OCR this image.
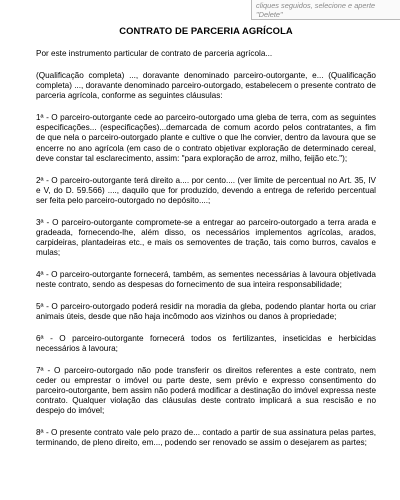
CONTRATO DE PARCERIA AGRÍCOLA

Por este instrumento particular de contrato de parceria agrícola...

(Qualificação completa) ..., doravante denominado parceiro-outorgante, e... (Qualificação completa) ..., doravante denominado parceiro-outorgado, estabelecem o presente contrato de parceria agrícola, conforme as seguintes cláusulas:

1ª - O parceiro-outorgante cede ao parceiro-outorgado uma gleba de terra, com as seguintes especificações... (especificações)...demarcada de comum acordo pelos contratantes, a fim de que nela o parceiro-outorgado plante e cultive o que lhe convier, dentro da lavoura que se encerre no ano agrícola (em caso de o contrato objetivar exploração de determinado cereal, deve constar tal esclarecimento, assim: "para exploração de arroz, milho, feijão etc.");

2ª - O parceiro-outorgante terá direito a.... por cento.... (ver limite de percentual no Art. 35, IV e V, do D. 59.566) ...., daquilo que for produzido, devendo a entrega de referido percentual ser feita pelo parceiro-outorgado no depósito....;

3ª - O parceiro-outorgante compromete-se a entregar ao parceiro-outorgado a terra arada e gradeada, fornecendo-lhe, além disso, os necessários implementos agrícolas, arados, carpideiras, plantadeiras etc., e mais os semoventes de tração, tais como burros, cavalos e mulas;

4ª - O parceiro-outorgante fornecerá, também, as sementes necessárias à lavoura objetivada neste contrato, sendo as despesas do fornecimento de sua inteira responsabilidade;

5ª - O parceiro-outorgado poderá residir na moradia da gleba, podendo plantar horta ou criar animais úteis, desde que não haja incômodo aos vizinhos ou danos à propriedade;

6ª - O parceiro-outorgante fornecerá todos os fertilizantes, inseticidas e herbicidas necessários à lavoura;

7ª - O parceiro-outorgado não pode transferir os direitos referentes a este contrato, nem ceder ou emprestar o imóvel ou parte deste, sem prévio e expresso consentimento do parceiro-outorgante, bem assim não poderá modificar a destinação do imóvel expressa neste contrato. Qualquer violação das cláusulas deste contrato implicará a sua rescisão e no despejo do imóvel;

8ª - O presente contrato vale pelo prazo de... contado a partir de sua assinatura pelas partes, terminando, de pleno direito, em..., podendo ser renovado se assim o desejarem as partes;

cliques seguidos, selecione e aperte "Delete"
